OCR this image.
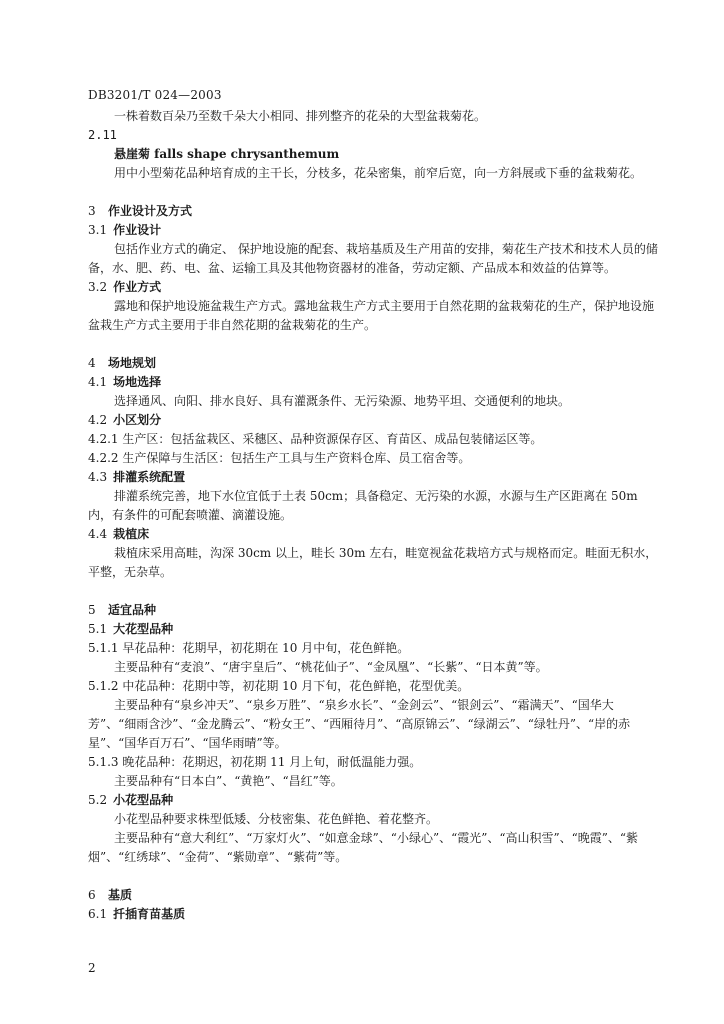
DB3201/T 024—2003

一株着数百朵乃至数千朵大小相同、排列整齐的花朵的大型盆栽菊花。

2.11

悬崖菊 falls shape chrysanthemum

用中小型菊花品种培育成的主干长，分枝多，花朵密集，前窄后宽，向一方斜展或下垂的盆栽菊花。

3 作业设计及方式

3.1 作业设计

包括作业方式的确定、 保护地设施的配套、栽培基质及生产用苗的安排，菊花生产技术和技术人员的储备，水、肥、药、电、盆、运输工具及其他物资器材的准备，劳动定额、产品成本和效益的估算等。

3.2 作业方式

露地和保护地设施盆栽生产方式。露地盆栽生产方式主要用于自然花期的盆栽菊花的生产，保护地设施盆栽生产方式主要用于非自然花期的盆栽菊花的生产。

4 场地规划

4.1 场地选择

选择通风、向阳、排水良好、具有灌溉条件、无污染源、地势平坦、交通便利的地块。

4.2 小区划分

4.2.1 生产区：包括盆栽区、采穗区、品种资源保存区、育苗区、成品包装储运区等。

4.2.2 生产保障与生活区：包括生产工具与生产资料仓库、员工宿舍等。

4.3 排灌系统配置

排灌系统完善，地下水位宜低于土表 50cm；具备稳定、无污染的水源，水源与生产区距离在 50m 内，有条件的可配套喷灌、滴灌设施。

4.4 栽植床

栽植床采用高畦，沟深 30cm 以上，畦长 30m 左右，畦宽视盆花栽培方式与规格而定。畦面无积水，平整，无杂草。

5 适宜品种

5.1 大花型品种

5.1.1 早花品种：花期早，初花期在 10 月中旬，花色鲜艳。

主要品种有“麦浪”、“唐宇皇后”、“桃花仙子”、“金凤凰”、“长紫”、“日本黄”等。

5.1.2 中花品种：花期中等，初花期 10 月下旬，花色鲜艳，花型优美。

主要品种有“泉乡冲天”、“泉乡万胜”、“泉乡水长”、“金剑云”、“银剑云”、“霜满天”、“国华大芳”、“细雨含沙”、“金龙腾云”、“粉女王”、“西厢待月”、“高原锦云”、“绿湖云”、“绿牡丹”、“岸的赤星”、“国华百万石”、“国华雨晴”等。

5.1.3 晚花品种：花期迟，初花期 11 月上旬，耐低温能力强。

主要品种有“日本白”、“黄艳”、“昌红”等。

5.2 小花型品种

小花型品种要求株型低矮、分枝密集、花色鲜艳、着花整齐。

主要品种有“意大利红”、“万家灯火”、“如意金球”、“小绿心”、“霞光”、“高山积雪”、“晚霞”、“紫烟”、“红绣球”、“金荷”、“紫勋章”、“紫荷”等。

6 基质

6.1 扦插育苗基质

2
